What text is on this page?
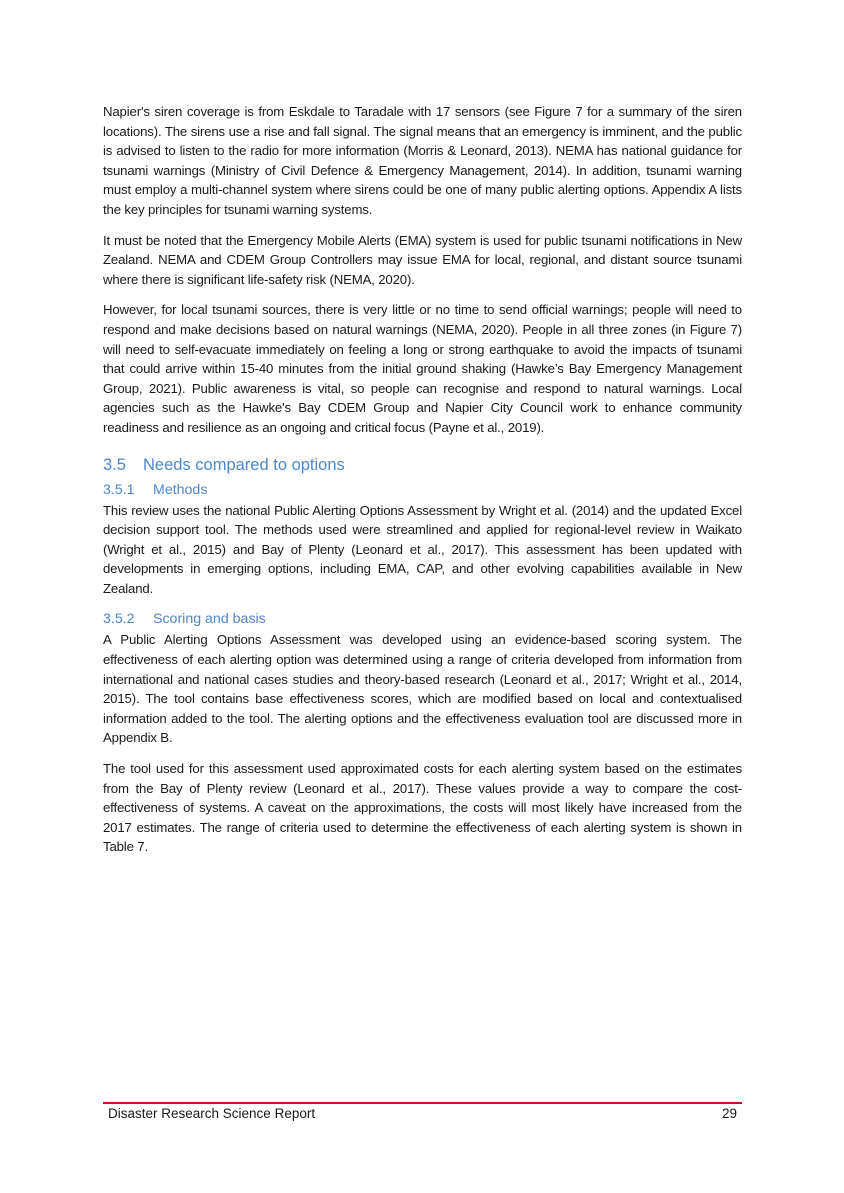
Napier's siren coverage is from Eskdale to Taradale with 17 sensors (see Figure 7 for a summary of the siren locations). The sirens use a rise and fall signal. The signal means that an emergency is imminent, and the public is advised to listen to the radio for more information (Morris & Leonard, 2013). NEMA has national guidance for tsunami warnings (Ministry of Civil Defence & Emergency Management, 2014). In addition, tsunami warning must employ a multi-channel system where sirens could be one of many public alerting options. Appendix A lists the key principles for tsunami warning systems.

It must be noted that the Emergency Mobile Alerts (EMA) system is used for public tsunami notifications in New Zealand. NEMA and CDEM Group Controllers may issue EMA for local, regional, and distant source tsunami where there is significant life-safety risk (NEMA, 2020).

However, for local tsunami sources, there is very little or no time to send official warnings; people will need to respond and make decisions based on natural warnings (NEMA, 2020). People in all three zones (in Figure 7) will need to self-evacuate immediately on feeling a long or strong earthquake to avoid the impacts of tsunami that could arrive within 15-40 minutes from the initial ground shaking (Hawke’s Bay Emergency Management Group, 2021). Public awareness is vital, so people can recognise and respond to natural warnings. Local agencies such as the Hawke's Bay CDEM Group and Napier City Council work to enhance community readiness and resilience as an ongoing and critical focus (Payne et al., 2019).

3.5 Needs compared to options
3.5.1 Methods

This review uses the national Public Alerting Options Assessment by Wright et al. (2014) and the updated Excel decision support tool. The methods used were streamlined and applied for regional-level review in Waikato (Wright et al., 2015) and Bay of Plenty (Leonard et al., 2017). This assessment has been updated with developments in emerging options, including EMA, CAP, and other evolving capabilities available in New Zealand.

3.5.2 Scoring and basis

A Public Alerting Options Assessment was developed using an evidence-based scoring system. The effectiveness of each alerting option was determined using a range of criteria developed from information from international and national cases studies and theory-based research (Leonard et al., 2017; Wright et al., 2014, 2015). The tool contains base effectiveness scores, which are modified based on local and contextualised information added to the tool. The alerting options and the effectiveness evaluation tool are discussed more in Appendix B.

The tool used for this assessment used approximated costs for each alerting system based on the estimates from the Bay of Plenty review (Leonard et al., 2017). These values provide a way to compare the cost-effectiveness of systems. A caveat on the approximations, the costs will most likely have increased from the 2017 estimates. The range of criteria used to determine the effectiveness of each alerting system is shown in Table 7.

Disaster Research Science Report	29
